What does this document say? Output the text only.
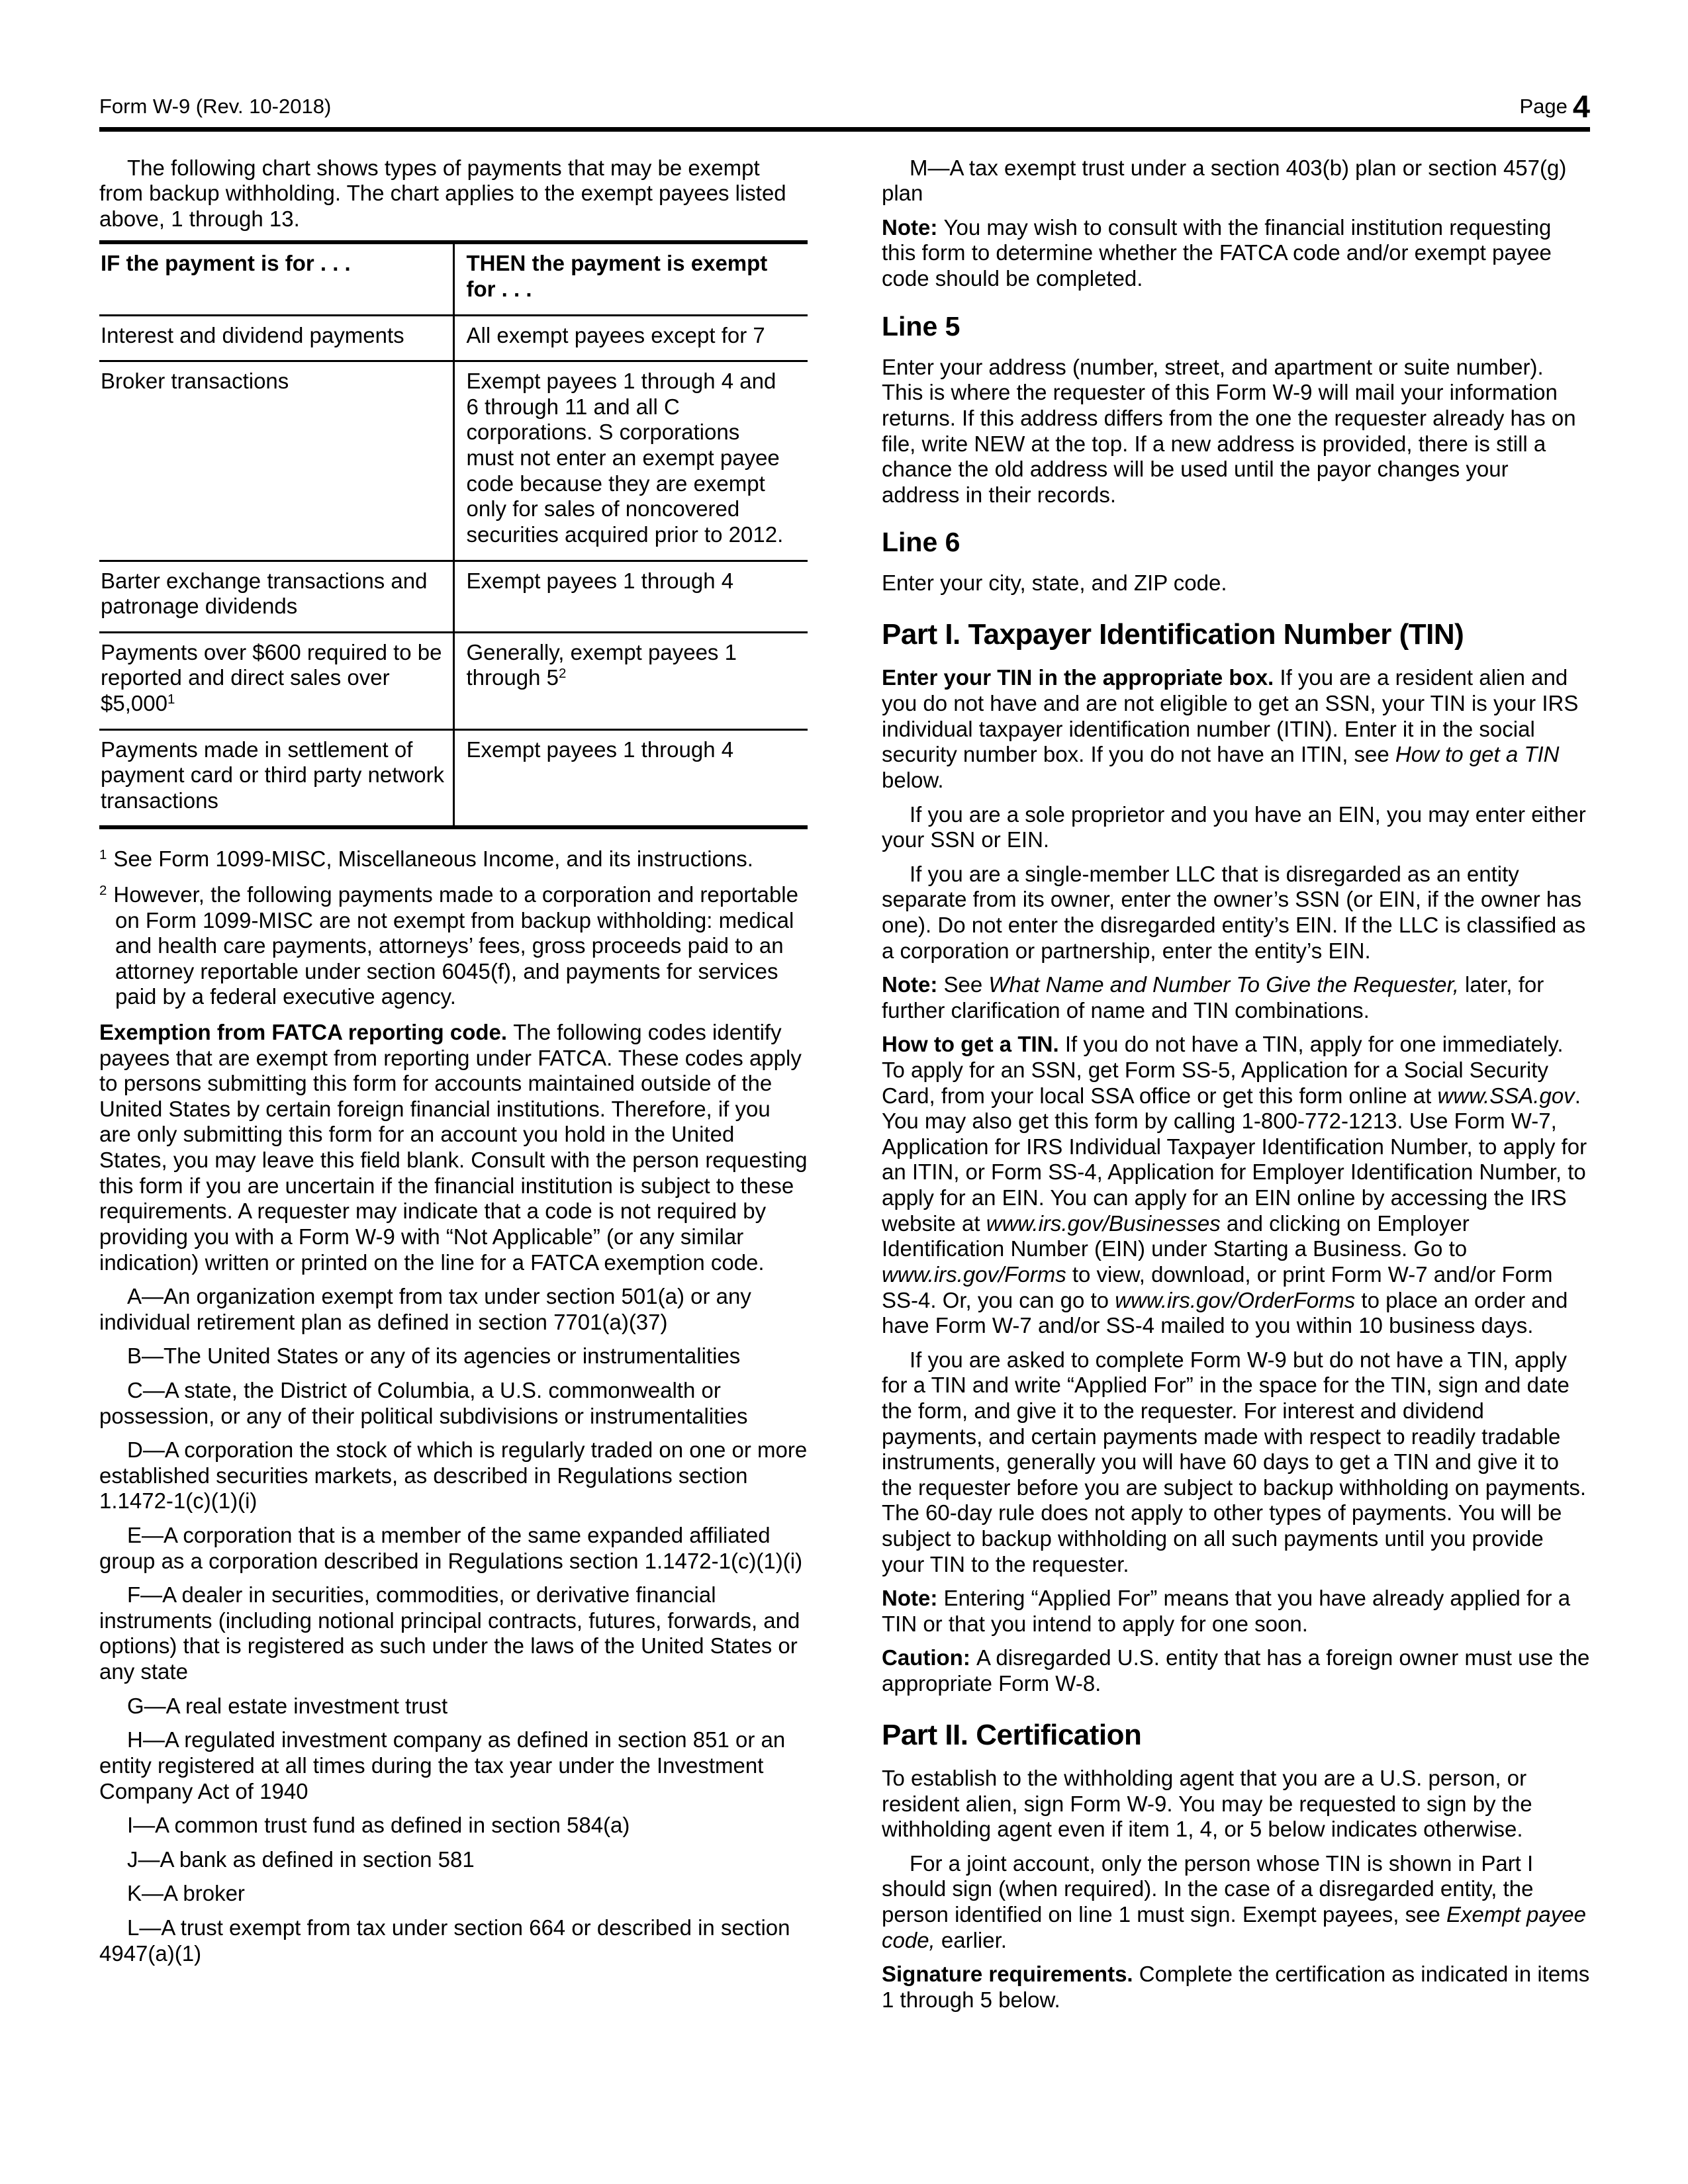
Form W-9 (Rev. 10-2018)	Page 4

The following chart shows types of payments that may be exempt from backup withholding. The chart applies to the exempt payees listed above, 1 through 13.

IF the payment is for . . .	THEN the payment is exempt for . . .
Interest and dividend payments	All exempt payees except for 7
Broker transactions	Exempt payees 1 through 4 and 6 through 11 and all C corporations. S corporations must not enter an exempt payee code because they are exempt only for sales of noncovered securities acquired prior to 2012.
Barter exchange transactions and patronage dividends	Exempt payees 1 through 4
Payments over $600 required to be reported and direct sales over $5,000$^1$	Generally, exempt payees 1 through $5^2$
Payments made in settlement of payment card or third party network transactions	Exempt payees 1 through 4

$^1$ See Form 1099-MISC, Miscellaneous Income, and its instructions.

$^2$ However, the following payments made to a corporation and reportable on Form 1099-MISC are not exempt from backup withholding: medical and health care payments, attorneys’ fees, gross proceeds paid to an attorney reportable under section 6045(f), and payments for services paid by a federal executive agency.

Exemption from FATCA reporting code. The following codes identify payees that are exempt from reporting under FATCA. These codes apply to persons submitting this form for accounts maintained outside of the United States by certain foreign financial institutions. Therefore, if you are only submitting this form for an account you hold in the United States, you may leave this field blank. Consult with the person requesting this form if you are uncertain if the financial institution is subject to these requirements. A requester may indicate that a code is not required by providing you with a Form W-9 with “Not Applicable” (or any similar indication) written or printed on the line for a FATCA exemption code.

A—An organization exempt from tax under section 501(a) or any individual retirement plan as defined in section 7701(a)(37)

B—The United States or any of its agencies or instrumentalities

C—A state, the District of Columbia, a U.S. commonwealth or possession, or any of their political subdivisions or instrumentalities

D—A corporation the stock of which is regularly traded on one or more established securities markets, as described in Regulations section 1.1472-1(c)(1)(i)

E—A corporation that is a member of the same expanded affiliated group as a corporation described in Regulations section 1.1472-1(c)(1)(i)

F—A dealer in securities, commodities, or derivative financial instruments (including notional principal contracts, futures, forwards, and options) that is registered as such under the laws of the United States or any state

G—A real estate investment trust

H—A regulated investment company as defined in section 851 or an entity registered at all times during the tax year under the Investment Company Act of 1940

I—A common trust fund as defined in section 584(a)

J—A bank as defined in section 581

K—A broker

L—A trust exempt from tax under section 664 or described in section 4947(a)(1)

M—A tax exempt trust under a section 403(b) plan or section 457(g) plan

Note: You may wish to consult with the financial institution requesting this form to determine whether the FATCA code and/or exempt payee code should be completed.

Line 5

Enter your address (number, street, and apartment or suite number). This is where the requester of this Form W-9 will mail your information returns. If this address differs from the one the requester already has on file, write NEW at the top. If a new address is provided, there is still a chance the old address will be used until the payor changes your address in their records.

Line 6

Enter your city, state, and ZIP code.

Part I. Taxpayer Identification Number (TIN)

Enter your TIN in the appropriate box. If you are a resident alien and you do not have and are not eligible to get an SSN, your TIN is your IRS individual taxpayer identification number (ITIN). Enter it in the social security number box. If you do not have an ITIN, see How to get a TIN below.

If you are a sole proprietor and you have an EIN, you may enter either your SSN or EIN.

If you are a single-member LLC that is disregarded as an entity separate from its owner, enter the owner’s SSN (or EIN, if the owner has one). Do not enter the disregarded entity’s EIN. If the LLC is classified as a corporation or partnership, enter the entity’s EIN.

Note: See What Name and Number To Give the Requester, later, for further clarification of name and TIN combinations.

How to get a TIN. If you do not have a TIN, apply for one immediately. To apply for an SSN, get Form SS-5, Application for a Social Security Card, from your local SSA office or get this form online at www.SSA.gov. You may also get this form by calling 1-800-772-1213. Use Form W-7, Application for IRS Individual Taxpayer Identification Number, to apply for an ITIN, or Form SS-4, Application for Employer Identification Number, to apply for an EIN. You can apply for an EIN online by accessing the IRS website at www.irs.gov/Businesses and clicking on Employer Identification Number (EIN) under Starting a Business. Go to www.irs.gov/Forms to view, download, or print Form W-7 and/or Form SS-4. Or, you can go to www.irs.gov/OrderForms to place an order and have Form W-7 and/or SS-4 mailed to you within 10 business days.

If you are asked to complete Form W-9 but do not have a TIN, apply for a TIN and write “Applied For” in the space for the TIN, sign and date the form, and give it to the requester. For interest and dividend payments, and certain payments made with respect to readily tradable instruments, generally you will have 60 days to get a TIN and give it to the requester before you are subject to backup withholding on payments. The 60-day rule does not apply to other types of payments. You will be subject to backup withholding on all such payments until you provide your TIN to the requester.

Note: Entering “Applied For” means that you have already applied for a TIN or that you intend to apply for one soon.

Caution: A disregarded U.S. entity that has a foreign owner must use the appropriate Form W-8.

Part II. Certification

To establish to the withholding agent that you are a U.S. person, or resident alien, sign Form W-9. You may be requested to sign by the withholding agent even if item 1, 4, or 5 below indicates otherwise.

For a joint account, only the person whose TIN is shown in Part I should sign (when required). In the case of a disregarded entity, the person identified on line 1 must sign. Exempt payees, see Exempt payee code, earlier.

Signature requirements. Complete the certification as indicated in items 1 through 5 below.
